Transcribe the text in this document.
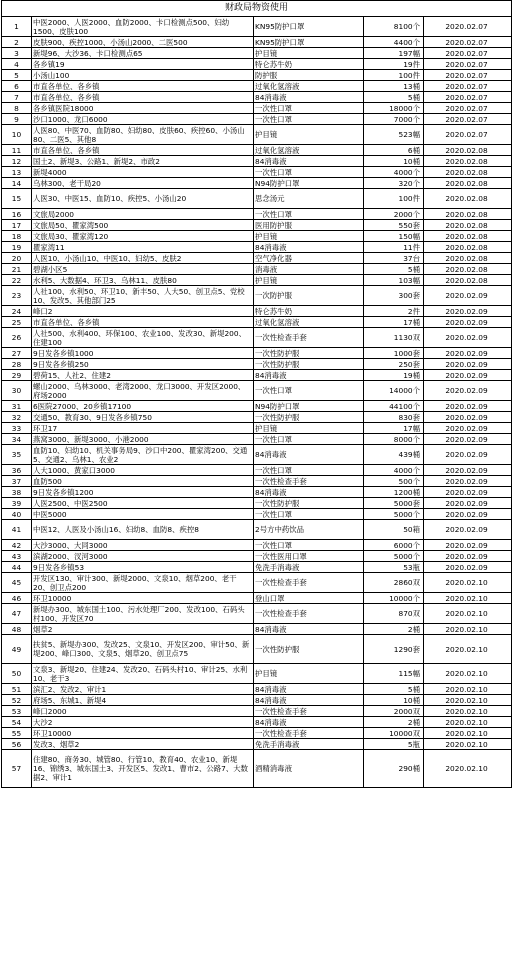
财政局物资使用				
1	中医2000、人医2000、血防2000、卡口检测点500、妇幼1500、皮肤100	KN95防护口罩	8100个	2020.02.07
2	皮肤900、疾控1000、小汤山2000、二医500	KN95防护口罩	4400个	2020.02.07
3	新堤96、大沙36、卡口检测点65	护目镜	197幅	2020.02.07
4	各乡镇19	特仑苏牛奶	19件	2020.02.07
5	小汤山100	防护服	100件	2020.02.07
6	市直各单位、各乡镇	过氧化氢溶液	13桶	2020.02.07
7	市直各单位、各乡镇	84消毒液	5桶	2020.02.07
8	各乡镇医院18000	一次性口罩	18000个	2020.02.07
9	沙口1000、龙口6000	一次性口罩	7000个	2020.02.07
10	人医80、中医70、血防80、妇幼80、皮肤60、疾控60、小汤山80、二医5、其他8	护目镜	523幅	2020.02.07
11	市直各单位、各乡镇	过氧化氢溶液	6桶	2020.02.08
12	国土2、新堤3、公路1、新堤2、市政2	84消毒液	10桶	2020.02.08
13	新堤4000	一次性口罩	4000个	2020.02.08
14	乌林300、老干局20	N94防护口罩	320个	2020.02.08
15	人医30、中医15、血防10、疾控5、小汤山20	思念汤元	100件	2020.02.08
16	文旅局2000	一次性口罩	2000个	2020.02.08
17	文旅局50、瞿家湾500	医用防护服	550套	2020.02.08
18	文旅局30、瞿家湾120	护目镜	150幅	2020.02.08
19	瞿家湾11	84消毒液	11件	2020.02.08
20	人医10、小汤山10、中医10、妇幼5、皮肤2	空气净化器	37台	2020.02.08
21	碧湖小区5	消毒液	5桶	2020.02.08
22	水利5、大数据4、环卫3、乌林11、皮肤80	护目镜	103幅	2020.02.08
23	人社100、水利50、环卫10、新丰50、人大50、创卫点5、党校10、发改5、其他部门25	一次防护服	300套	2020.02.09
24	峰口2	特仑苏牛奶	2件	2020.02.09
25	市直各单位、各乡镇	过氧化氢溶液	17桶	2020.02.09
26	人社500、水利400、环保100、农业100、发改30、新堤200、住建100	一次性检查手套	1130双	2020.02.09
27	9日发各乡镇1000	一次性防护服	1000套	2020.02.09
28	9日发各乡镇250	一次性防护服	250套	2020.02.09
29	碧荷15、人社2、住建2	84消毒液	19桶	2020.02.09
30	螺山2000、乌林3000、老湾2000、龙口3000、开发区2000、府场2000	一次性口罩	14000个	2020.02.09
31	6医院27000、20乡镇17100	N94防护口罩	44100个	2020.02.09
32	交通50、教育30、9日发各乡镇750	一次性防护服	830套	2020.02.09
33	环卫17	护目镜	17幅	2020.02.09
34	燕窝3000、新堤3000、小港2000	一次性口罩	8000个	2020.02.09
35	血防10、妇幼10、机关事务局9、沙口中200、瞿家湾200、交通5、交通2、乌林1、农业2	84消毒液	439桶	2020.02.09
36	人大1000、黄家口3000	一次性口罩	4000个	2020.02.09
37	血防500	一次性检查手套	500个	2020.02.09
38	9日发各乡镇1200	84消毒液	1200桶	2020.02.09
39	人医2500、中医2500	一次性防护服	5000套	2020.02.09
40	中医5000	一次性口罩	5000个	2020.02.09
41	中医12、人医及小汤山16、妇幼8、血防8、疾控8	2号方中药饮品	50箱	2020.02.09
42	大沙3000、大同3000	一次性口罩	6000个	2020.02.09
43	滨湖2000、汊河3000	一次性医用口罩	5000个	2020.02.09
44	9日发各乡镇53	免洗手消毒液	53瓶	2020.02.09
45	开发区130、审计300、新堤2000、文泉10、烟草200、老干20、创卫点200	一次性检查手套	2860双	2020.02.10
46	环卫10000	登山口罩	10000个	2020.02.10
47	新堤办300、城东国土100、污水处理厂200、发改100、石码头村100、开发区70	一次性检查手套	870双	2020.02.10
48	烟草2	84消毒液	2桶	2020.02.10
49	扶贫5、新堤办300、发改25、文泉10、开发区200、审计50、新堤200、峰口300、文泉5、烟草20、创卫点75	一次性防护服	1290套	2020.02.10
50	文泉3、新堤20、住建24、发改20、石码头村10、审计25、水利10、老干3	护目镜	115幅	2020.02.10
51	滨汇2、发改2、审计1	84消毒液	5桶	2020.02.10
52	府场5、东城1、新堤4	84消毒液	10桶	2020.02.10
53	峰口2000	一次性检查手套	2000双	2020.02.10
54	大沙2	84消毒液	2桶	2020.02.10
55	环卫10000	一次性检查手套	10000双	2020.02.10
56	发改3、烟草2	免洗手消毒液	5瓶	2020.02.10
57	住建80、商务30、城管80、行管10、教育40、农业10、新堤16、锦绣3、城东国土3、开发区5、发改1、曹市2、公路7、大数据2、审计1	酒精消毒液	290桶	2020.02.10
